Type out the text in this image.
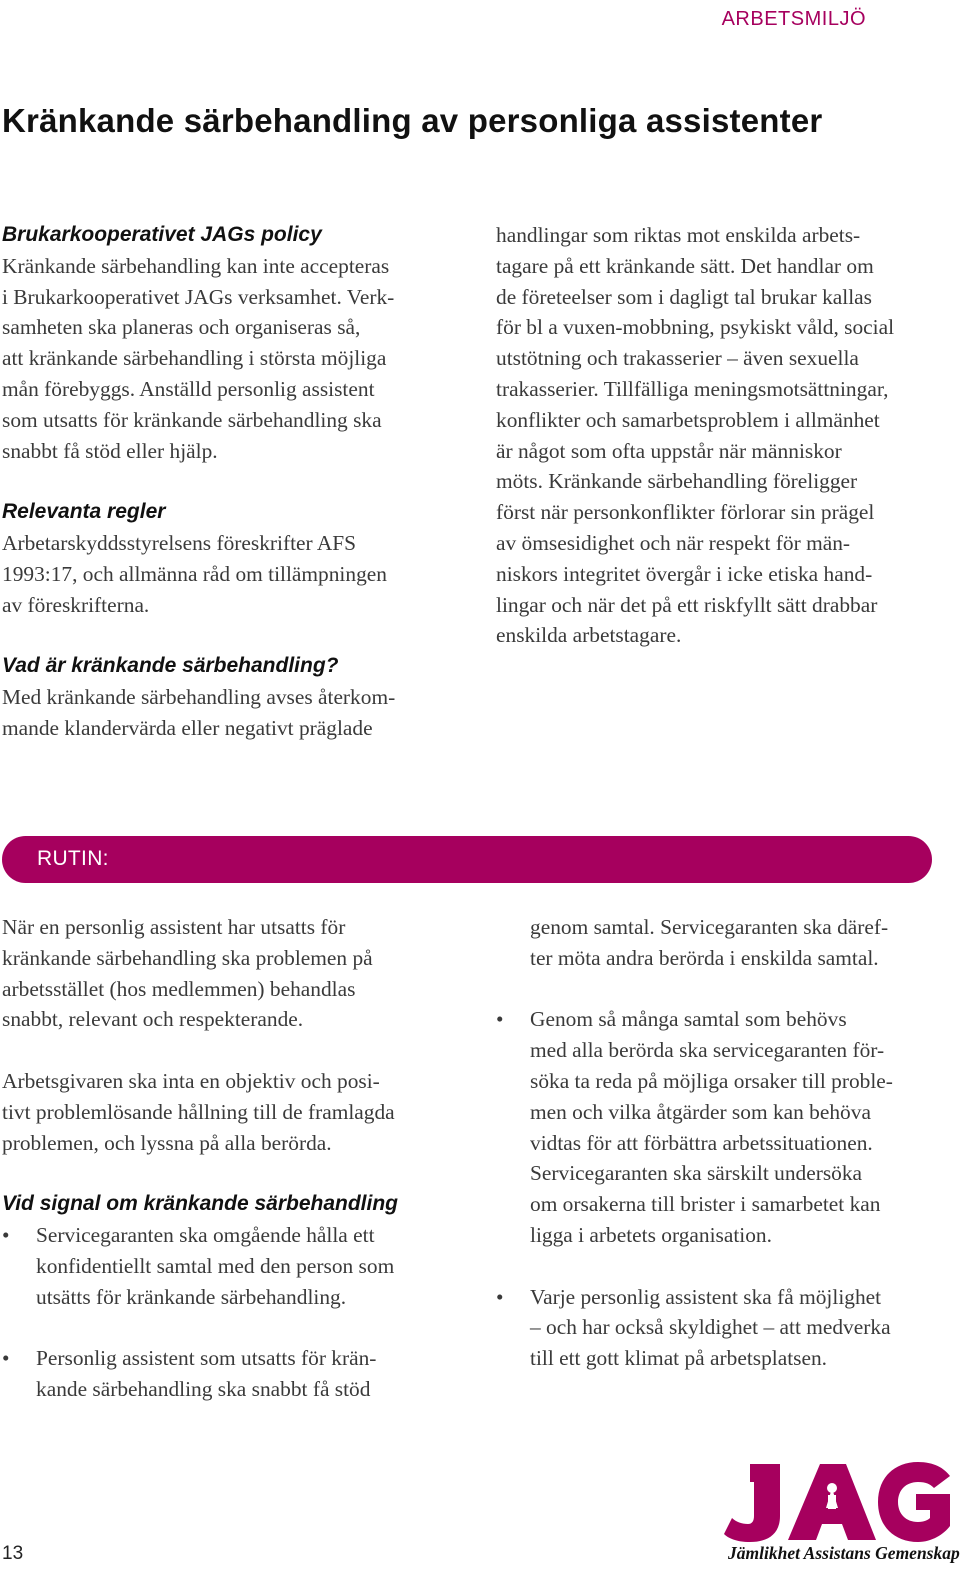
ARBETSMILJÖ
Kränkande särbehandling av personliga assistenter
Brukarkooperativet JAGs policy

Kränkande särbehandling kan inte accepteras

i Brukarkooperativet JAGs verksamhet. Verk-

samheten ska planeras och organiseras så,

att kränkande särbehandling i största möjliga

mån förebyggs. Anställd personlig assistent

som utsatts för kränkande särbehandling ska

snabbt få stöd eller hjälp.

Relevanta regler

Arbetarskyddsstyrelsens föreskrifter AFS

1993:17, och allmänna råd om tillämpningen

av föreskrifterna.

Vad är kränkande särbehandling?

Med kränkande särbehandling avses återkom-

mande klandervärda eller negativt präglade

handlingar som riktas mot enskilda arbets-

tagare på ett kränkande sätt. Det handlar om

de företeelser som i dagligt tal brukar kallas

för bl a vuxen-mobbning, psykiskt våld, social

utstötning och trakasserier – även sexuella

trakasserier. Tillfälliga meningsmotsättningar,

konflikter och samarbetsproblem i allmänhet

är något som ofta uppstår när människor

möts. Kränkande särbehandling föreligger

först när personkonflikter förlorar sin prägel

av ömsesidighet och när respekt för män-

niskors integritet övergår i icke etiska hand-

lingar och när det på ett riskfyllt sätt drabbar

enskilda arbetstagare.

RUTIN:

När en personlig assistent har utsatts för

kränkande särbehandling ska problemen på

arbetsstället (hos medlemmen) behandlas

snabbt, relevant och respekterande.

Arbetsgivaren ska inta en objektiv och posi-

tivt problemlösande hållning till de framlagda

problemen, och lyssna på alla berörda.

Vid signal om kränkande särbehandling
•	Servicegaranten ska omgående hålla ett

konfidentiellt samtal med den person som

utsätts för kränkande särbehandling.

•	Personlig assistent som utsatts för krän-

kande särbehandling ska snabbt få stöd

genom samtal. Servicegaranten ska däref-

ter möta andra berörda i enskilda samtal.

•	Genom så många samtal som behövs

med alla berörda ska servicegaranten för-

söka ta reda på möjliga orsaker till proble-

men och vilka åtgärder som kan behöva

vidtas för att förbättra arbetssituationen.

Servicegaranten ska särskilt undersöka

om orsakerna till brister i samarbetet kan

ligga i arbetets organisation.

•	Varje personlig assistent ska få möjlighet

– och har också skyldighet – att medverka

till ett gott klimat på arbetsplatsen.

13	Jämlikhet Assistans Gemenskap
